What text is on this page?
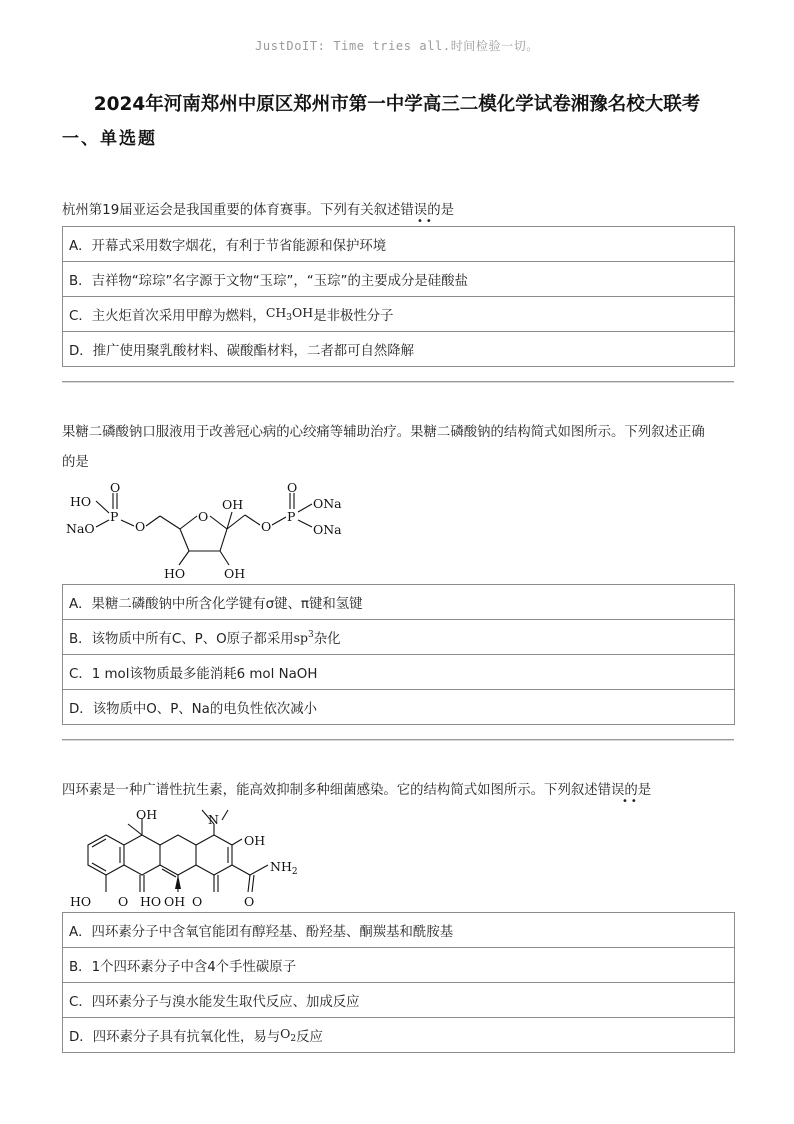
JustDoIT: Time tries all.时间检验一切。
2024年河南郑州中原区郑州市第一中学高三二模化学试卷湘豫名校大联考
一、单选题
杭州第19届亚运会是我国重要的体育赛事。下列有关叙述错误的是
••
A．开幕式采用数字烟花，有利于节省能源和保护环境
B．吉祥物“琮琮”名字源于文物“玉琮”，“玉琮”的主要成分是硅酸盐
C．主火炬首次采用甲醇为燃料， $CH_3OH$ 是非极性分子
D．推广使用聚乳酸材料、碳酸酯材料，二者都可自然降解
果糖二磷酸钠口服液用于改善冠心病的心绞痛等辅助治疗。果糖二磷酸钠的结构简式如图所示。下列叙述正确
的是
HO
NaO
P
O
O
O
OH
HO	OH
O
P
O
ONa
ONa
A．果糖二磷酸钠中所含化学键有σ键、π键和氢键
B．该物质中所有C、P、O原子都采用 $sp^3$ 杂化
C．1 mol该物质最多能消耗6 mol NaOH
D．该物质中O、P、Na的电负性依次减小
四环素是一种广谱性抗生素，能高效抑制多种细菌感染。它的结构简式如图所示。下列叙述错误的是
••
OH	N
OH
$NH_2$
HO O HO OH O	O
A．四环素分子中含氧官能团有醇羟基、酚羟基、酮羰基和酰胺基
B．1个四环素分子中含4个手性碳原子
C．四环素分子与溴水能发生取代反应、加成反应
D．四环素分子具有抗氧化性，易与 $O_2$ 反应
